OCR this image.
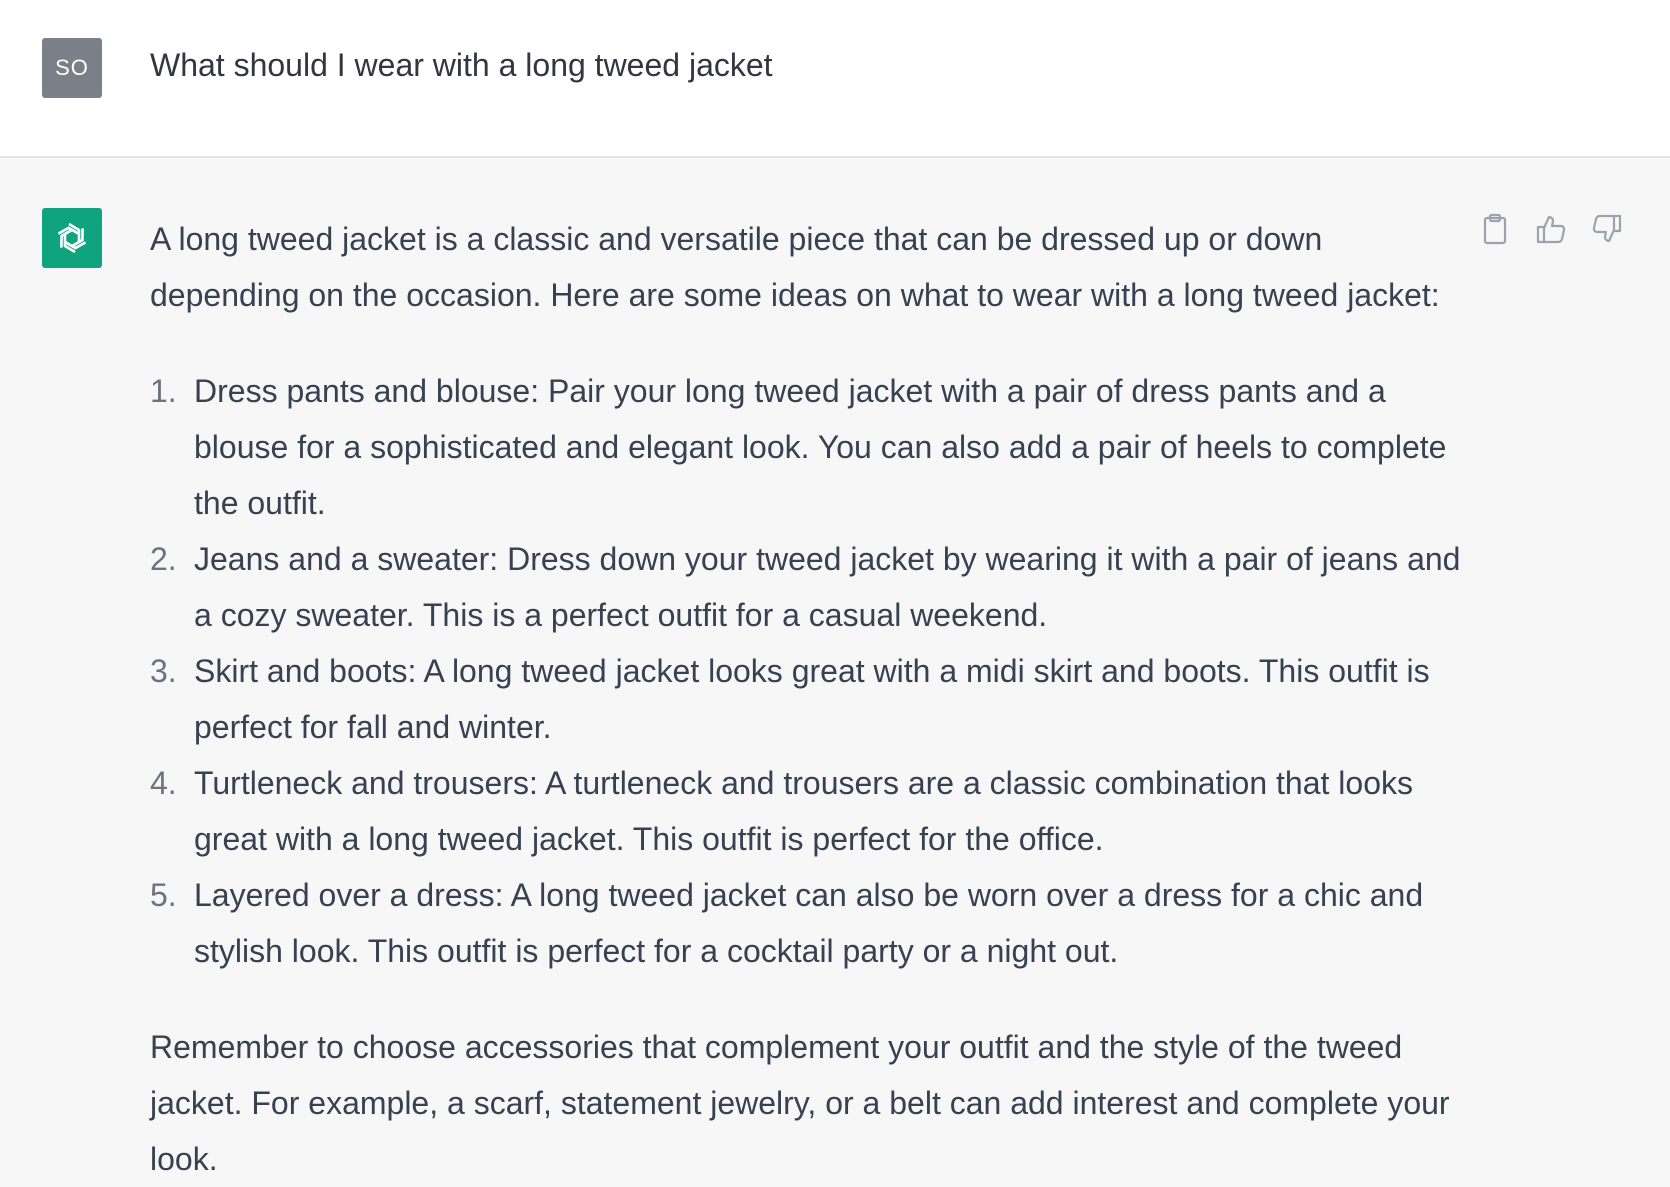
SO	What should I wear with a long tweed jacket

A long tweed jacket is a classic and versatile piece that can be dressed up or down depending on the occasion. Here are some ideas on what to wear with a long tweed jacket:

1. Dress pants and blouse: Pair your long tweed jacket with a pair of dress pants and a blouse for a sophisticated and elegant look. You can also add a pair of heels to complete the outfit.
2. Jeans and a sweater: Dress down your tweed jacket by wearing it with a pair of jeans and a cozy sweater. This is a perfect outfit for a casual weekend.
3. Skirt and boots: A long tweed jacket looks great with a midi skirt and boots. This outfit is perfect for fall and winter.
4. Turtleneck and trousers: A turtleneck and trousers are a classic combination that looks great with a long tweed jacket. This outfit is perfect for the office.
5. Layered over a dress: A long tweed jacket can also be worn over a dress for a chic and stylish look. This outfit is perfect for a cocktail party or a night out.

Remember to choose accessories that complement your outfit and the style of the tweed jacket. For example, a scarf, statement jewelry, or a belt can add interest and complete your look.
